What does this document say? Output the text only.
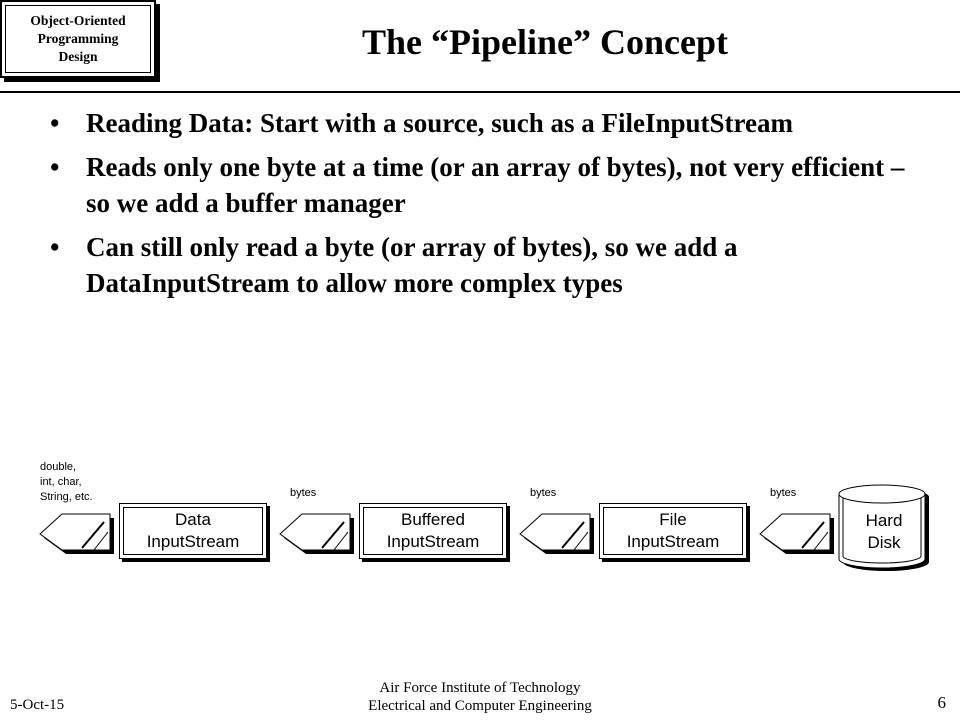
Object-Oriented
Programming
Design	The “Pipeline” Concept
• Reading Data: Start with a source, such as a FileInputStream
• Reads only one byte at a time (or an array of bytes), not very efficient – so we add a buffer manager
• Can still only read a byte (or array of bytes), so we add a DataInputStream to allow more complex types
double,
int, char,
String, etc.	bytes	bytes	bytes
Data
InputStream
Buffered
InputStream
File
InputStream
Hard
Disk
5-Oct-15
Air Force Institute of Technology
Electrical and Computer Engineering	6
